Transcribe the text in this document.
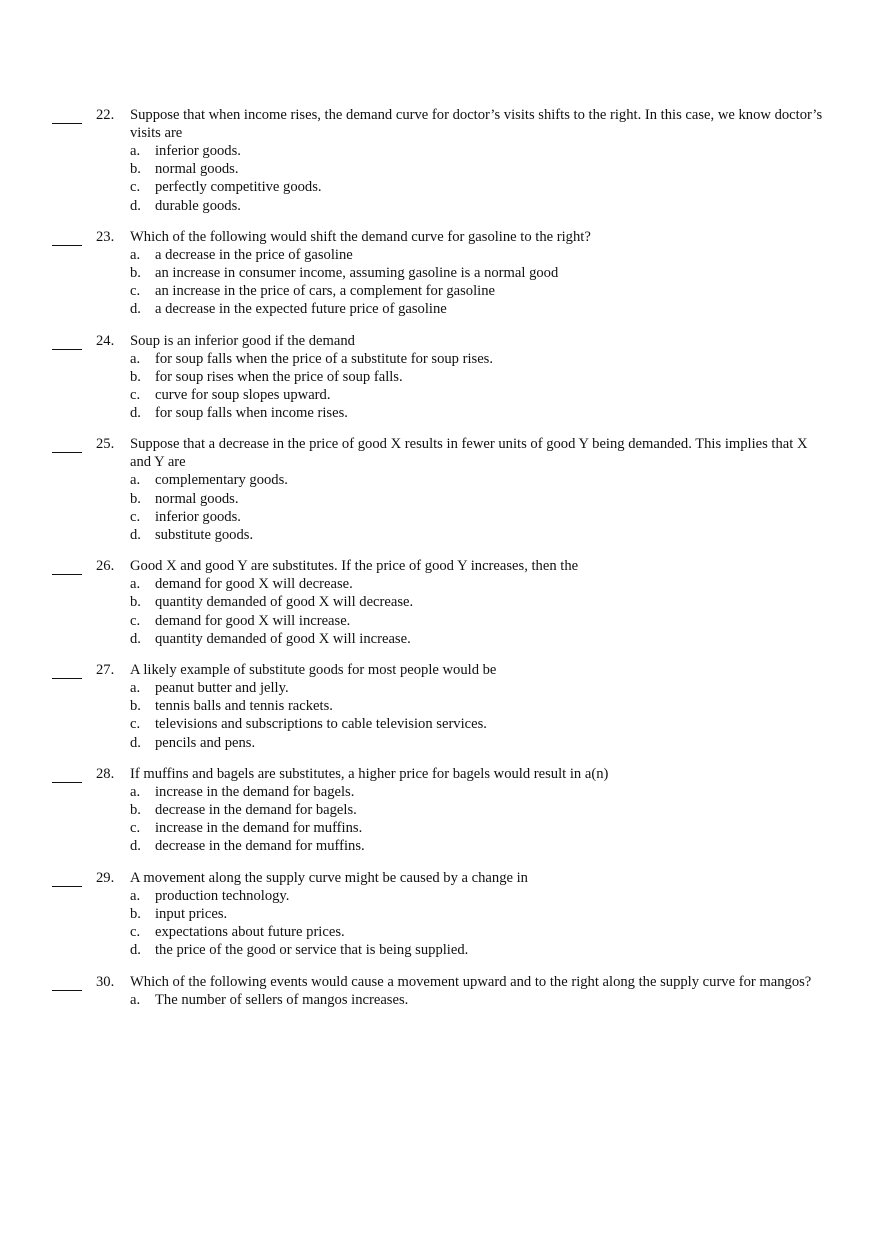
22. Suppose that when income rises, the demand curve for doctor’s visits shifts to the right. In this case, we know doctor’s visits are
a. inferior goods.
b. normal goods.
c. perfectly competitive goods.
d. durable goods.
23. Which of the following would shift the demand curve for gasoline to the right?
a. a decrease in the price of gasoline
b. an increase in consumer income, assuming gasoline is a normal good
c. an increase in the price of cars, a complement for gasoline
d. a decrease in the expected future price of gasoline
24. Soup is an inferior good if the demand
a. for soup falls when the price of a substitute for soup rises.
b. for soup rises when the price of soup falls.
c. curve for soup slopes upward.
d. for soup falls when income rises.
25. Suppose that a decrease in the price of good X results in fewer units of good Y being demanded. This implies that X and Y are
a. complementary goods.
b. normal goods.
c. inferior goods.
d. substitute goods.
26. Good X and good Y are substitutes. If the price of good Y increases, then the
a. demand for good X will decrease.
b. quantity demanded of good X will decrease.
c. demand for good X will increase.
d. quantity demanded of good X will increase.
27. A likely example of substitute goods for most people would be
a. peanut butter and jelly.
b. tennis balls and tennis rackets.
c. televisions and subscriptions to cable television services.
d. pencils and pens.
28. If muffins and bagels are substitutes, a higher price for bagels would result in a(n)
a. increase in the demand for bagels.
b. decrease in the demand for bagels.
c. increase in the demand for muffins.
d. decrease in the demand for muffins.
29. A movement along the supply curve might be caused by a change in
a. production technology.
b. input prices.
c. expectations about future prices.
d. the price of the good or service that is being supplied.
30. Which of the following events would cause a movement upward and to the right along the supply curve for mangos?
a. The number of sellers of mangos increases.
